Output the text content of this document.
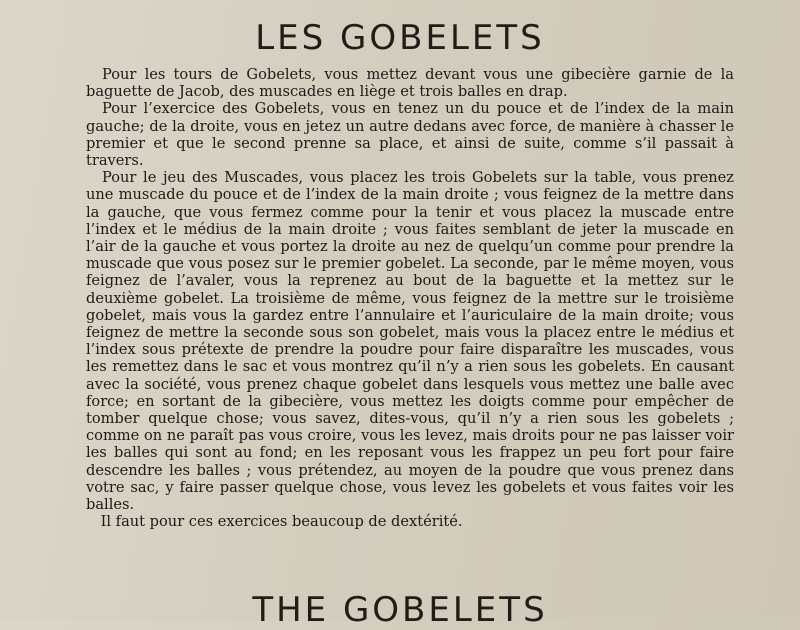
LES GOBELETS

Pour les tours de Gobelets, vous mettez devant vous une gibecière garnie de la baguette de Jacob, des muscades en liège et trois balles en drap.

Pour l’exercice des Gobelets, vous en tenez un du pouce et de l’index de la main gauche; de la droite, vous en jetez un autre dedans avec force, de manière à chasser le premier et que le second prenne sa place, et ainsi de suite, comme s’il passait à travers.

Pour le jeu des Muscades, vous placez les trois Gobelets sur la table, vous prenez une muscade du pouce et de l’index de la main droite ; vous feignez de la mettre dans la gauche, que vous fermez comme pour la tenir et vous placez la muscade entre l’index et le médius de la main droite ; vous faites semblant de jeter la muscade en l’air de la gauche et vous portez la droite au nez de quelqu’un comme pour prendre la muscade que vous posez sur le premier gobelet. La seconde, par le même moyen, vous feignez de l’avaler, vous la reprenez au bout de la baguette et la mettez sur le deuxième gobelet. La troisième de même, vous feignez de la mettre sur le troisième gobelet, mais vous la gardez entre l’annulaire et l’auriculaire de la main droite; vous feignez de mettre la seconde sous son gobelet, mais vous la placez entre le médius et l’index sous prétexte de prendre la poudre pour faire disparaître les muscades, vous les remettez dans le sac et vous montrez qu’il n’y a rien sous les gobelets. En causant avec la société, vous prenez chaque gobelet dans lesquels vous mettez une balle avec force; en sortant de la gibecière, vous mettez les doigts comme pour empêcher de tomber quelque chose; vous savez, dites-vous, qu’il n’y a rien sous les gobelets ; comme on ne paraît pas vous croire, vous les levez, mais droits pour ne pas laisser voir les balles qui sont au fond; en les reposant vous les frappez un peu fort pour faire descendre les balles ; vous prétendez, au moyen de la poudre que vous prenez dans votre sac, y faire passer quelque chose, vous levez les gobelets et vous faites voir les balles.

 Il faut pour ces exercices beaucoup de dextérité.

THE GOBELETS
